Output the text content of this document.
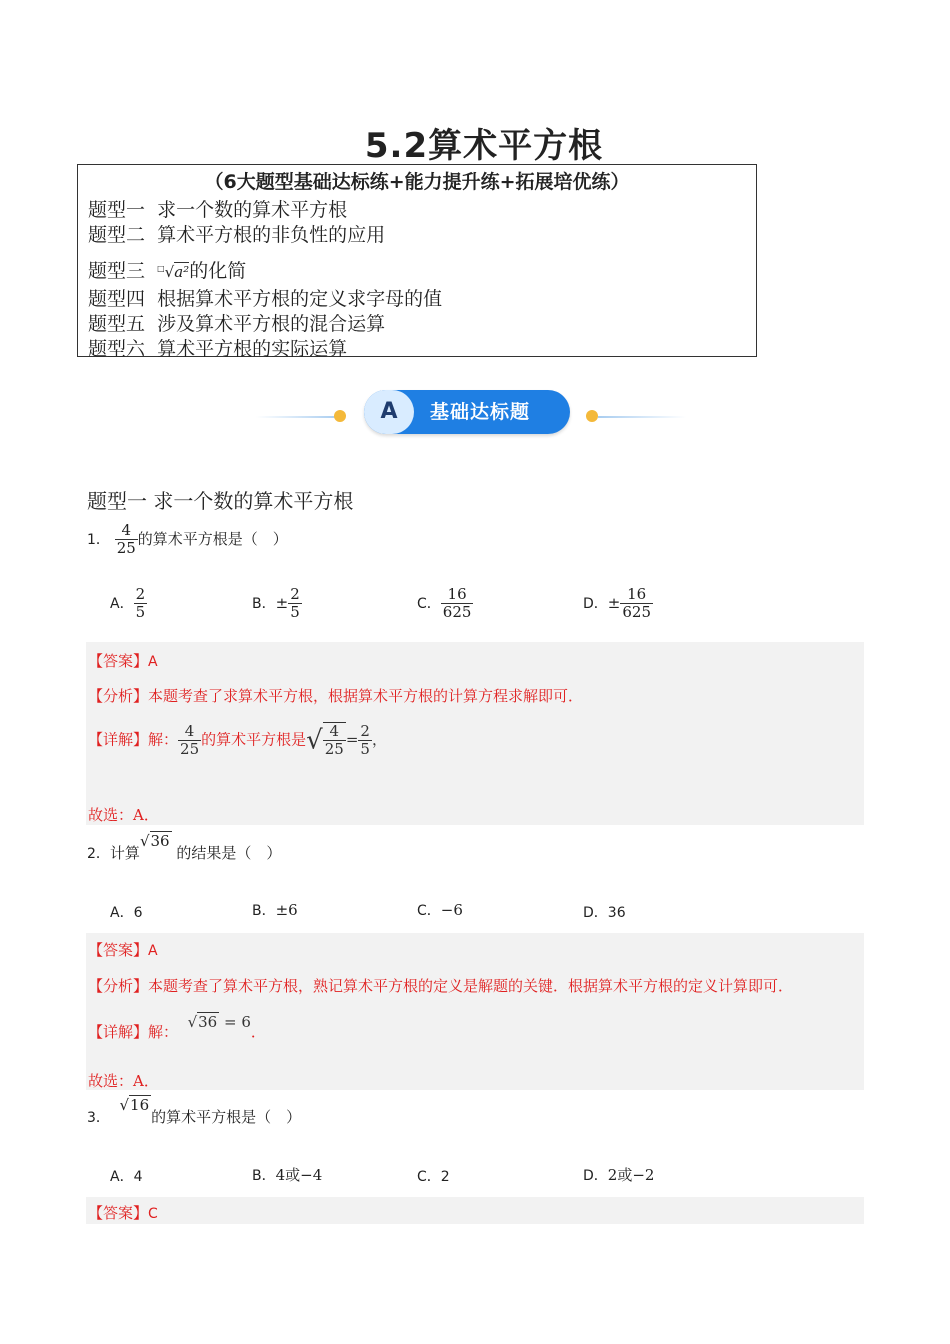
5.2算术平方根
（6大题型基础达标练+能力提升练+拓展培优练）
题型一 求一个数的算术平方根
题型二 算术平方根的非负性的应用
题型三 □√a²的化简
题型四 根据算术平方根的定义求字母的值
题型五 涉及算术平方根的混合运算
题型六 算术平方根的实际运算
A	基础达标题
题型一 求一个数的算术平方根
1． $\frac{4}{25}$ 的算术平方根是（　）
A． $\frac{2}{5}$	B．± $\frac{2}{5}$	C． $\frac{16}{625}$	D．± $\frac{16}{625}$
【答案】A
【分析】本题考查了求算术平方根，根据算术平方根的计算方程求解即可．
【详解】解： $\frac{4}{25}$ 的算术平方根是√ $\frac{4}{25} = \frac{2}{5}$ ，
故选：A．
2．计算√36 的结果是（　）
A．6	B．±6	C．−6	D．36
【答案】A
【分析】本题考查了算术平方根，熟记算术平方根的定义是解题的关键．根据算术平方根的定义计算即可．
【详解】解：  √36 = 6．
故选：A．
3．  √16的算术平方根是（　）
A．4	B．4或−4	C．2	D．2或−2
【答案】C
